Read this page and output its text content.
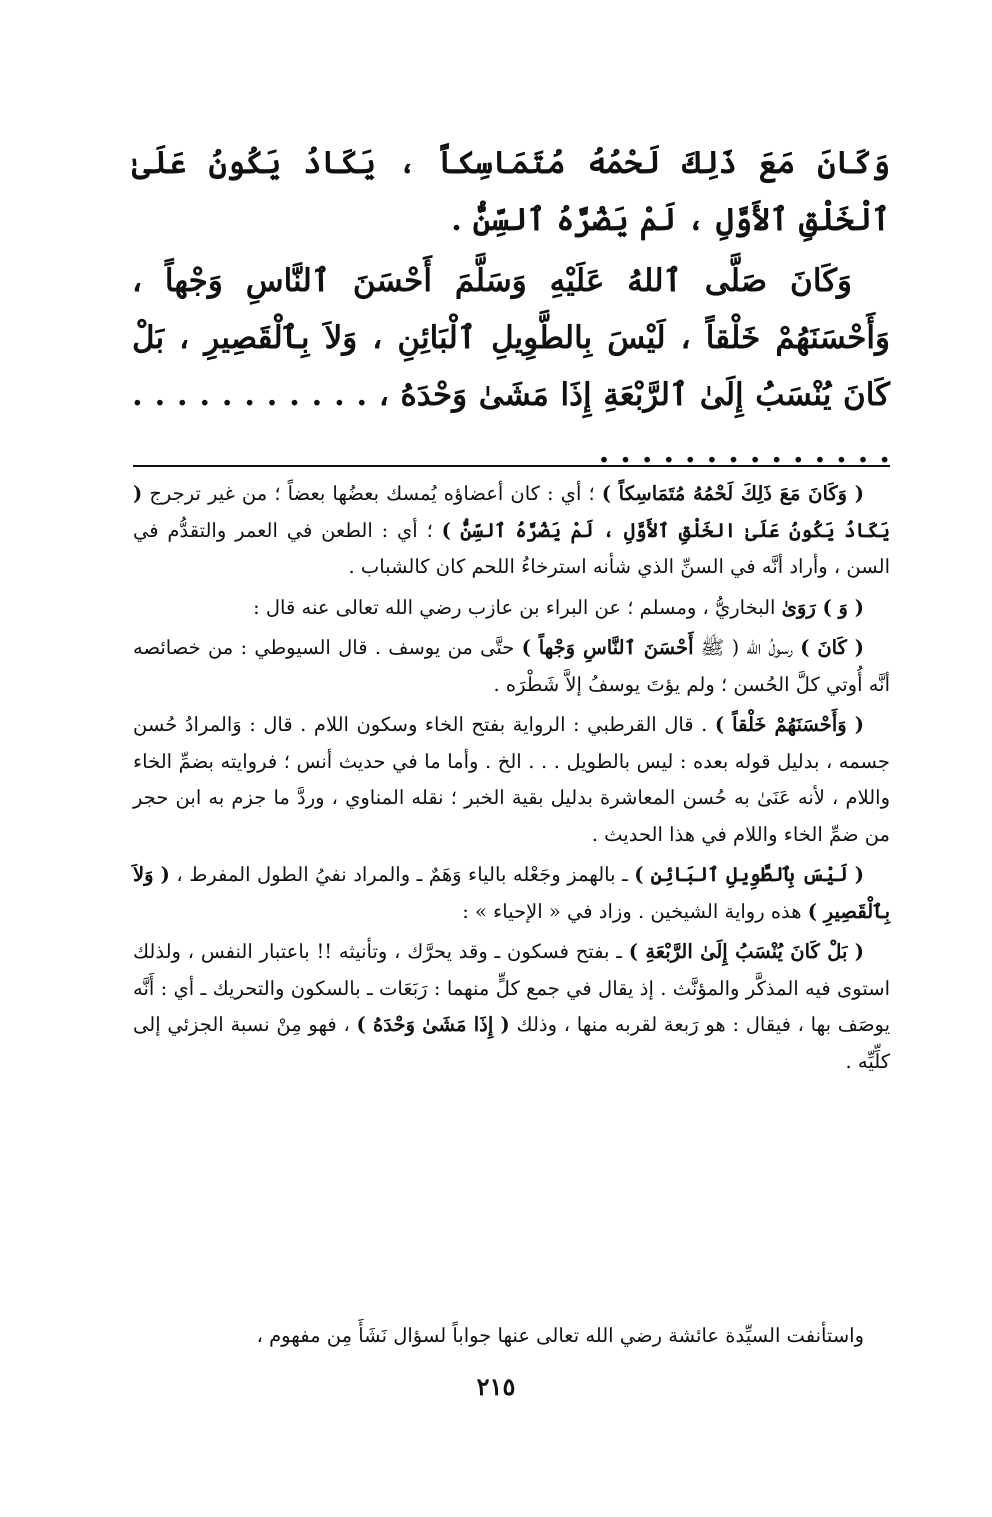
وَكَانَ مَعَ ذَلِكَ لَحْمُهُ مُتَمَاسِكاً ، يَكَادُ يَكُونُ عَلَىٰ ٱلْخَلْقِ ٱلأَوَّلِ ، لَمْ يَضُرَّهُ ٱلسِّنُّ .

وَكَانَ صَلَّى ٱللهُ عَلَيْهِ وَسَلَّمَ أَحْسَنَ ٱلنَّاسِ وَجْهاً ، وَأَحْسَنَهُمْ خَلْقاً ، لَيْسَ بِالطَّوِيلِ ٱلْبَائِنِ ، وَلاَ بِٱلْقَصِيرِ ، بَلْ كَانَ يُنْسَبُ إِلَىٰ ٱلرَّبْعَةِ إِذَا مَشَىٰ وَحْدَهُ ، . . . . . . . . . . . . . . . . . . . . . . . . .

( وَكَانَ مَعَ ذَلِكَ لَحْمُهُ مُتَمَاسِكاً ) ؛ أي : كان أعضاؤه يُمسك بعضُها بعضاً ؛ من غير ترجرج ( يَكَادُ يَكُونُ عَلَىٰ الخَلْقِ ٱلأَوَّلِ ، لَمْ يَضُرَّهُ ٱلسِّنُّ ) ؛ أي : الطعن في العمر والتقدُّم في السن ، وأراد أنَّه في السنِّ الذي شأنه استرخاءُ اللحم كان كالشباب .

( وَ ) رَوَىٰ البخاريُّ ، ومسلم ؛ عن البراء بن عازب رضي الله تعالى عنه قال :

( كَانَ ) رسولُ الله ( ﷺ أَحْسَنَ ٱلنَّاسِ وَجْهاً ) حتَّى من يوسف . قال السيوطي : من خصائصه أنَّه أُوتي كلَّ الحُسن ؛ ولم يؤتَ يوسفُ إلاَّ شَطْرَه .

( وَأَحْسَنَهُمْ خَلْقاً ) . قال القرطبي : الرواية بفتح الخاء وسكون اللام . قال : وَالمرادُ حُسن جسمه ، بدليل قوله بعده : ليس بالطويل . . . الخ . وأما ما في حديث أنس ؛ فروايته بضمِّ الخاء واللام ، لأنه عَنَىٰ به حُسن المعاشرة بدليل بقية الخبر ؛ نقله المناوي ، وردَّ ما جزم به ابن حجر من ضمِّ الخاء واللام في هذا الحديث .

( لَيْسَ بِٱلطَّوِيلِ ٱلبَائِنِ ) ـ بالهمز وجَعْله بالياء وَهَمٌ ـ والمراد نفيُ الطول المفرط ، ( وَلاَ بِٱلْقَصِيرِ ) هذه رواية الشيخين . وزاد في « الإحياء » :

( بَلْ كَانَ يُنْسَبُ إِلَىٰ الرَّبْعَةِ ) ـ بفتح فسكون ـ وقد يحرَّك ، وتأنيثه !! باعتبار النفس ، ولذلك استوى فيه المذكَّر والمؤنَّث . إذ يقال في جمع كلٍّ منهما : رَبَعَات ـ بالسكون والتحريك ـ أي : أَنَّه يوصَف بها ، فيقال : هو رَبعة لقربه منها ، وذلك ( إِذَا مَشَىٰ وَحْدَهُ ) ، فهو مِنْ نسبة الجزئي إلى كلِّيِّه .

واستأنفت السيِّدة عائشة رضي الله تعالى عنها جواباً لسؤال نَشَأَ مِن مفهوم ،
٢١٥
